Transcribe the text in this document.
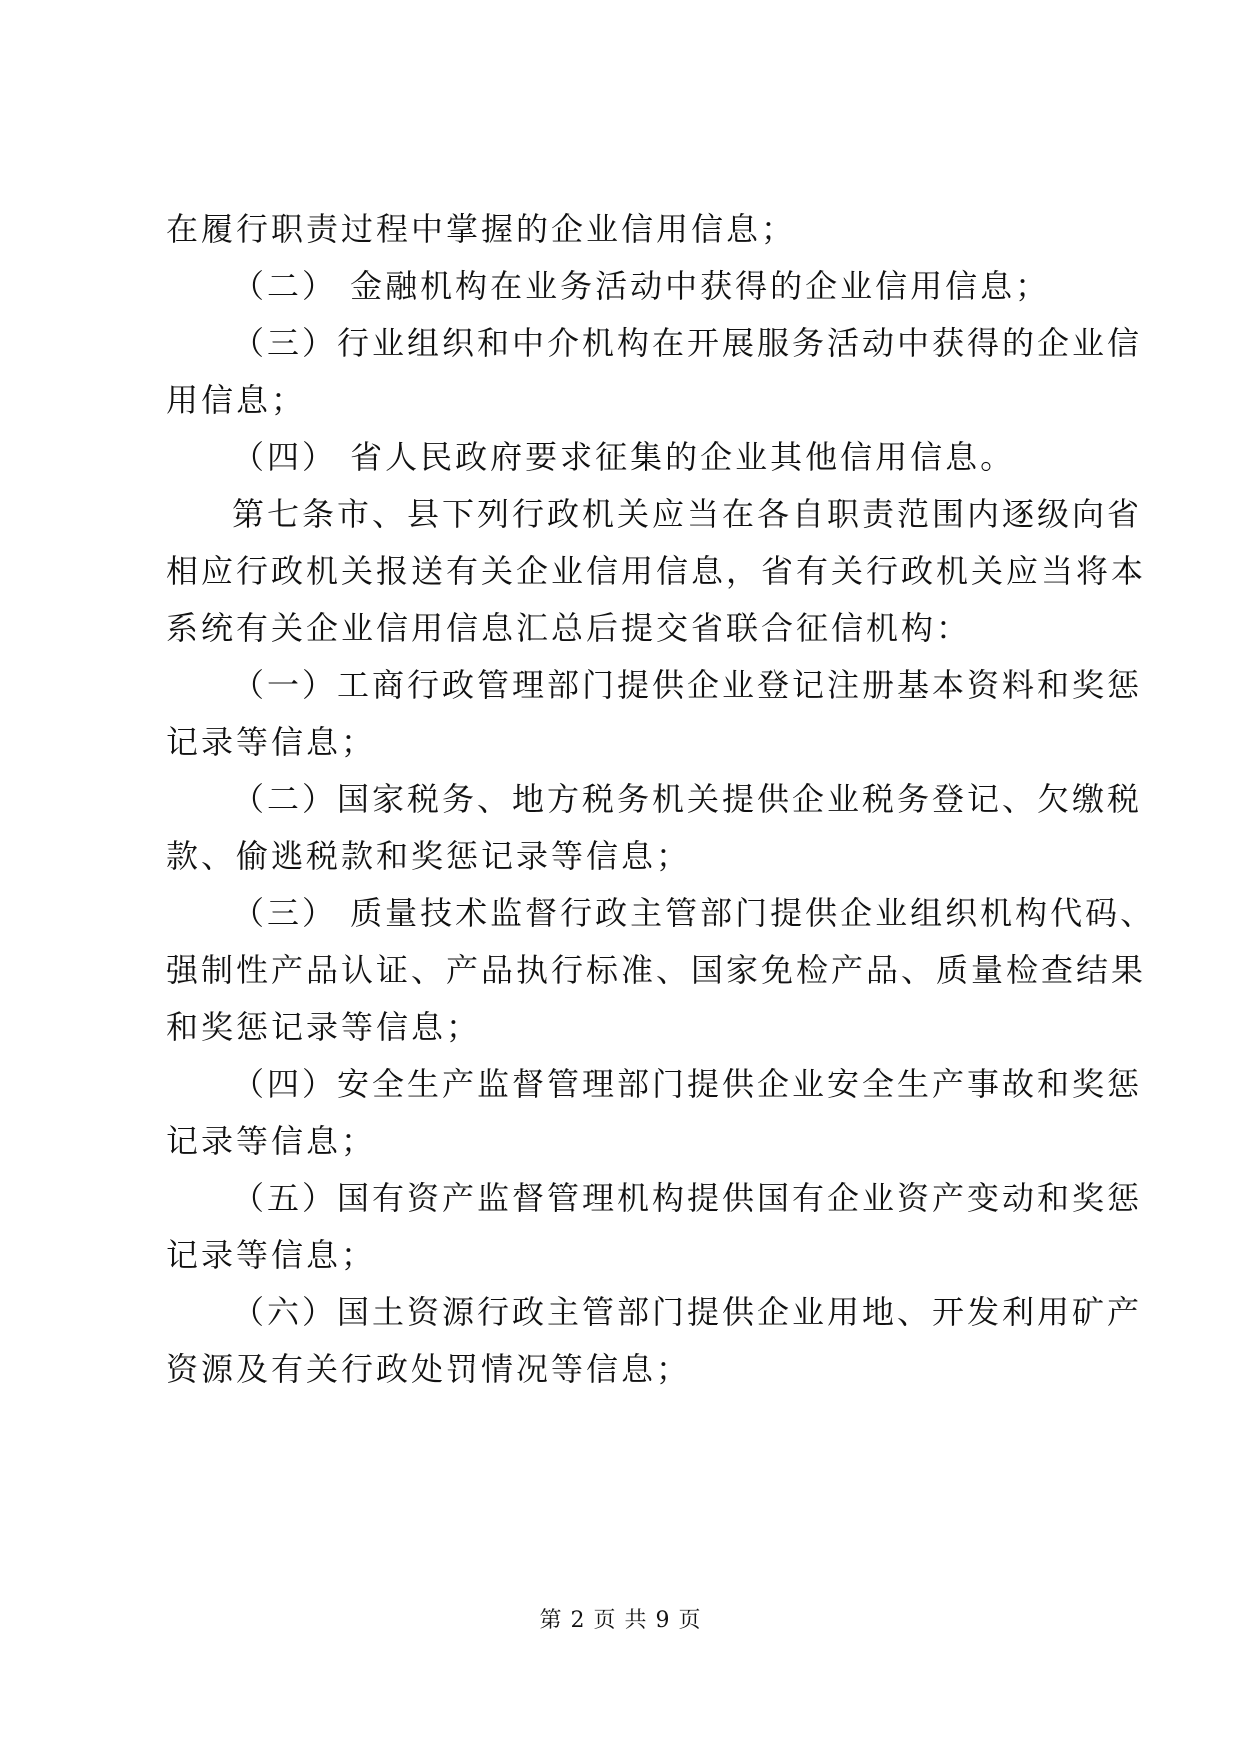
在履行职责过程中掌握的企业信用信息；
（二） 金融机构在业务活动中获得的企业信用信息；
（三）行业组织和中介机构在开展服务活动中获得的企业信
用信息；
（四） 省人民政府要求征集的企业其他信用信息。
第七条市、县下列行政机关应当在各自职责范围内逐级向省
相应行政机关报送有关企业信用信息，省有关行政机关应当将本
系统有关企业信用信息汇总后提交省联合征信机构：
（一）工商行政管理部门提供企业登记注册基本资料和奖惩
记录等信息；
（二）国家税务、地方税务机关提供企业税务登记、欠缴税
款、偷逃税款和奖惩记录等信息；
（三） 质量技术监督行政主管部门提供企业组织机构代码、
强制性产品认证、产品执行标准、国家免检产品、质量检查结果
和奖惩记录等信息；
（四）安全生产监督管理部门提供企业安全生产事故和奖惩
记录等信息；
（五）国有资产监督管理机构提供国有企业资产变动和奖惩
记录等信息；
（六）国土资源行政主管部门提供企业用地、开发利用矿产
资源及有关行政处罚情况等信息；
第 2 页 共 9 页
